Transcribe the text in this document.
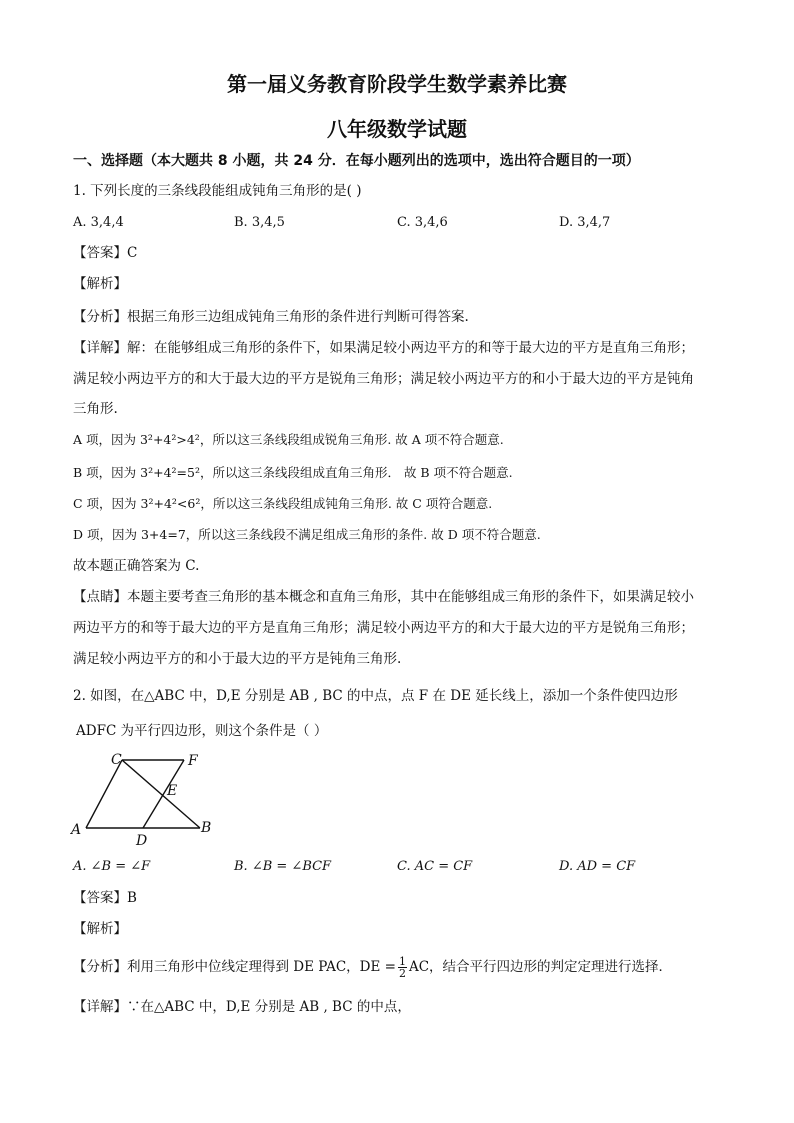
第一届义务教育阶段学生数学素养比赛
八年级数学试题
一、选择题（本大题共 8 小题，共 24 分．在每小题列出的选项中，选出符合题目的一项）
1. 下列长度的三条线段能组成钝角三角形的是( )
A. 3,4,4	B. 3,4,5	C. 3,4,6	D. 3,4,7
【答案】C
【解析】
【分析】根据三角形三边组成钝角三角形的条件进行判断可得答案.
【详解】解：在能够组成三角形的条件下，如果满足较小两边平方的和等于最大边的平方是直角三角形；
满足较小两边平方的和大于最大边的平方是锐角三角形；满足较小两边平方的和小于最大边的平方是钝角
三角形.
A 项，因为 3²+4²>4²，所以这三条线段组成锐角三角形. 故 A 项不符合题意.
B 项，因为 3²+4²=5²，所以这三条线段组成直角三角形． 故 B 项不符合题意.
C 项，因为 3²+4²<6²，所以这三条线段组成钝角三角形. 故 C 项符合题意.
D 项，因为 3+4=7，所以这三条线段不满足组成三角形的条件. 故 D 项不符合题意.
故本题正确答案为 C.
【点睛】本题主要考查三角形的基本概念和直角三角形，其中在能够组成三角形的条件下，如果满足较小
两边平方的和等于最大边的平方是直角三角形；满足较小两边平方的和大于最大边的平方是锐角三角形；
满足较小两边平方的和小于最大边的平方是钝角三角形.
2. 如图，在△ABC 中，D,E 分别是 AB , BC 的中点，点 F 在 DE 延长线上，添加一个条件使四边形
ADFC 为平行四边形，则这个条件是（ ）
C	F
E
A
D
B
A. ∠B = ∠F	B. ∠B = ∠BCF	C. AC = CF	D. AD = CF
【答案】B
【解析】
【分析】利用三角形中位线定理得到 DE PAC，DE = $\frac{1}{2}$ AC，结合平行四边形的判定定理进行选择．
【详解】∵在△ABC 中，D,E 分别是 AB , BC 的中点，
